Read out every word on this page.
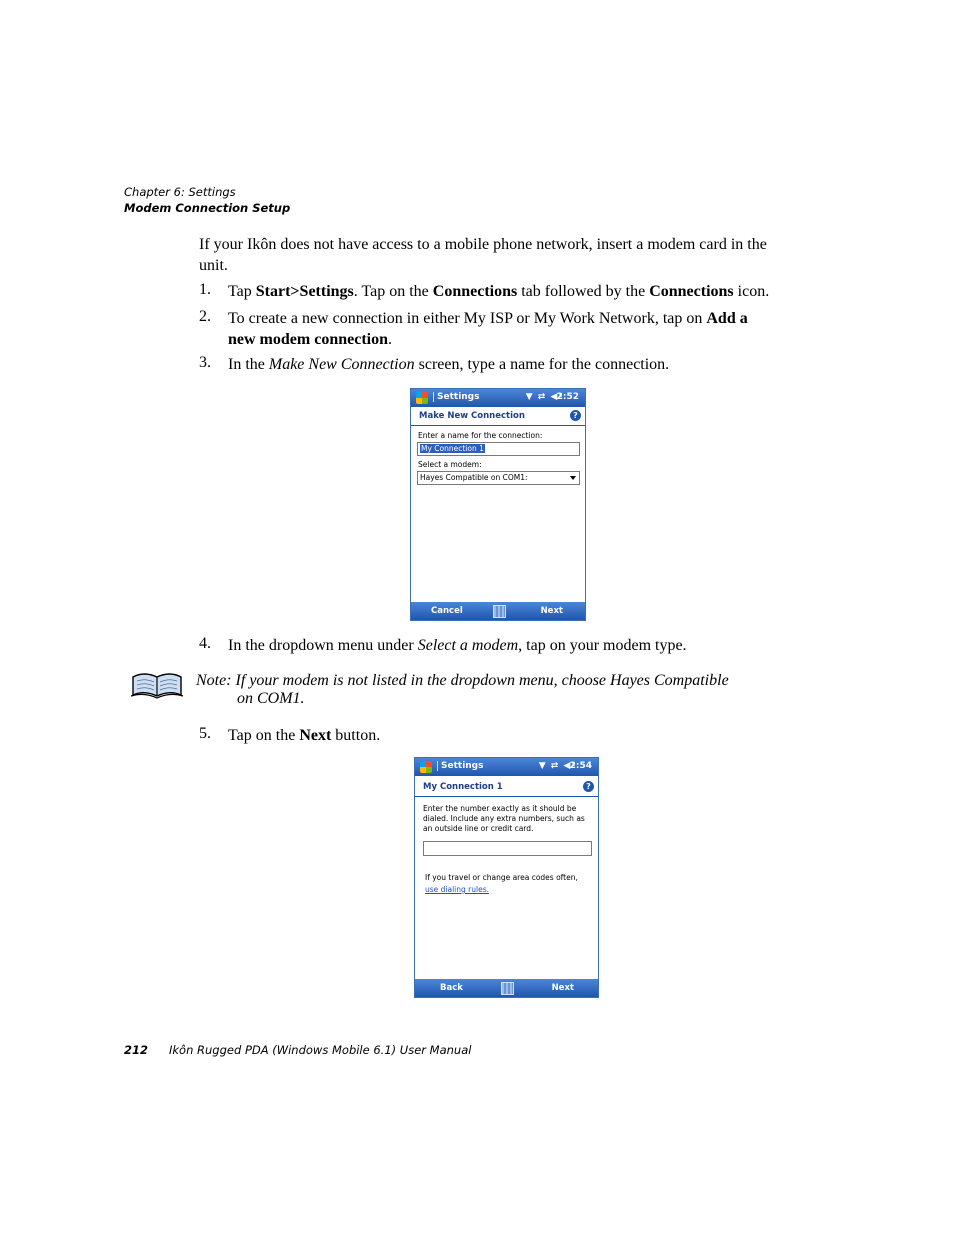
Chapter 6: Settings
Modem Connection Setup
If your Ikôn does not have access to a mobile phone network, insert a modem card in the unit.
1. Tap Start>Settings. Tap on the Connections tab followed by the Connections icon.
2. To create a new connection in either My ISP or My Work Network, tap on Add a
new modem connection.
3. In the Make New Connection screen, type a name for the connection.
Settings	▼ ⇄ ◀ᵡ
2:52
Make New Connection	?
Enter a name for the connection:
My Connection 1
Select a modem:
Hayes Compatible on COM1:
Cancel	Next
4. In the dropdown menu under Select a modem, tap on your modem type.
Note: If your modem is not listed in the dropdown menu, choose Hayes Compatible
on COM1.
5. Tap on the Next button.
Settings	▼ ⇄ ◀ᵡ
2:54
My Connection 1	?
Enter the number exactly as it should be
dialed. Include any extra numbers, such as
an outside line or credit card.
If you travel or change area codes often,
use dialing rules.
Back	Next
212 Ikôn Rugged PDA (Windows Mobile 6.1) User Manual
